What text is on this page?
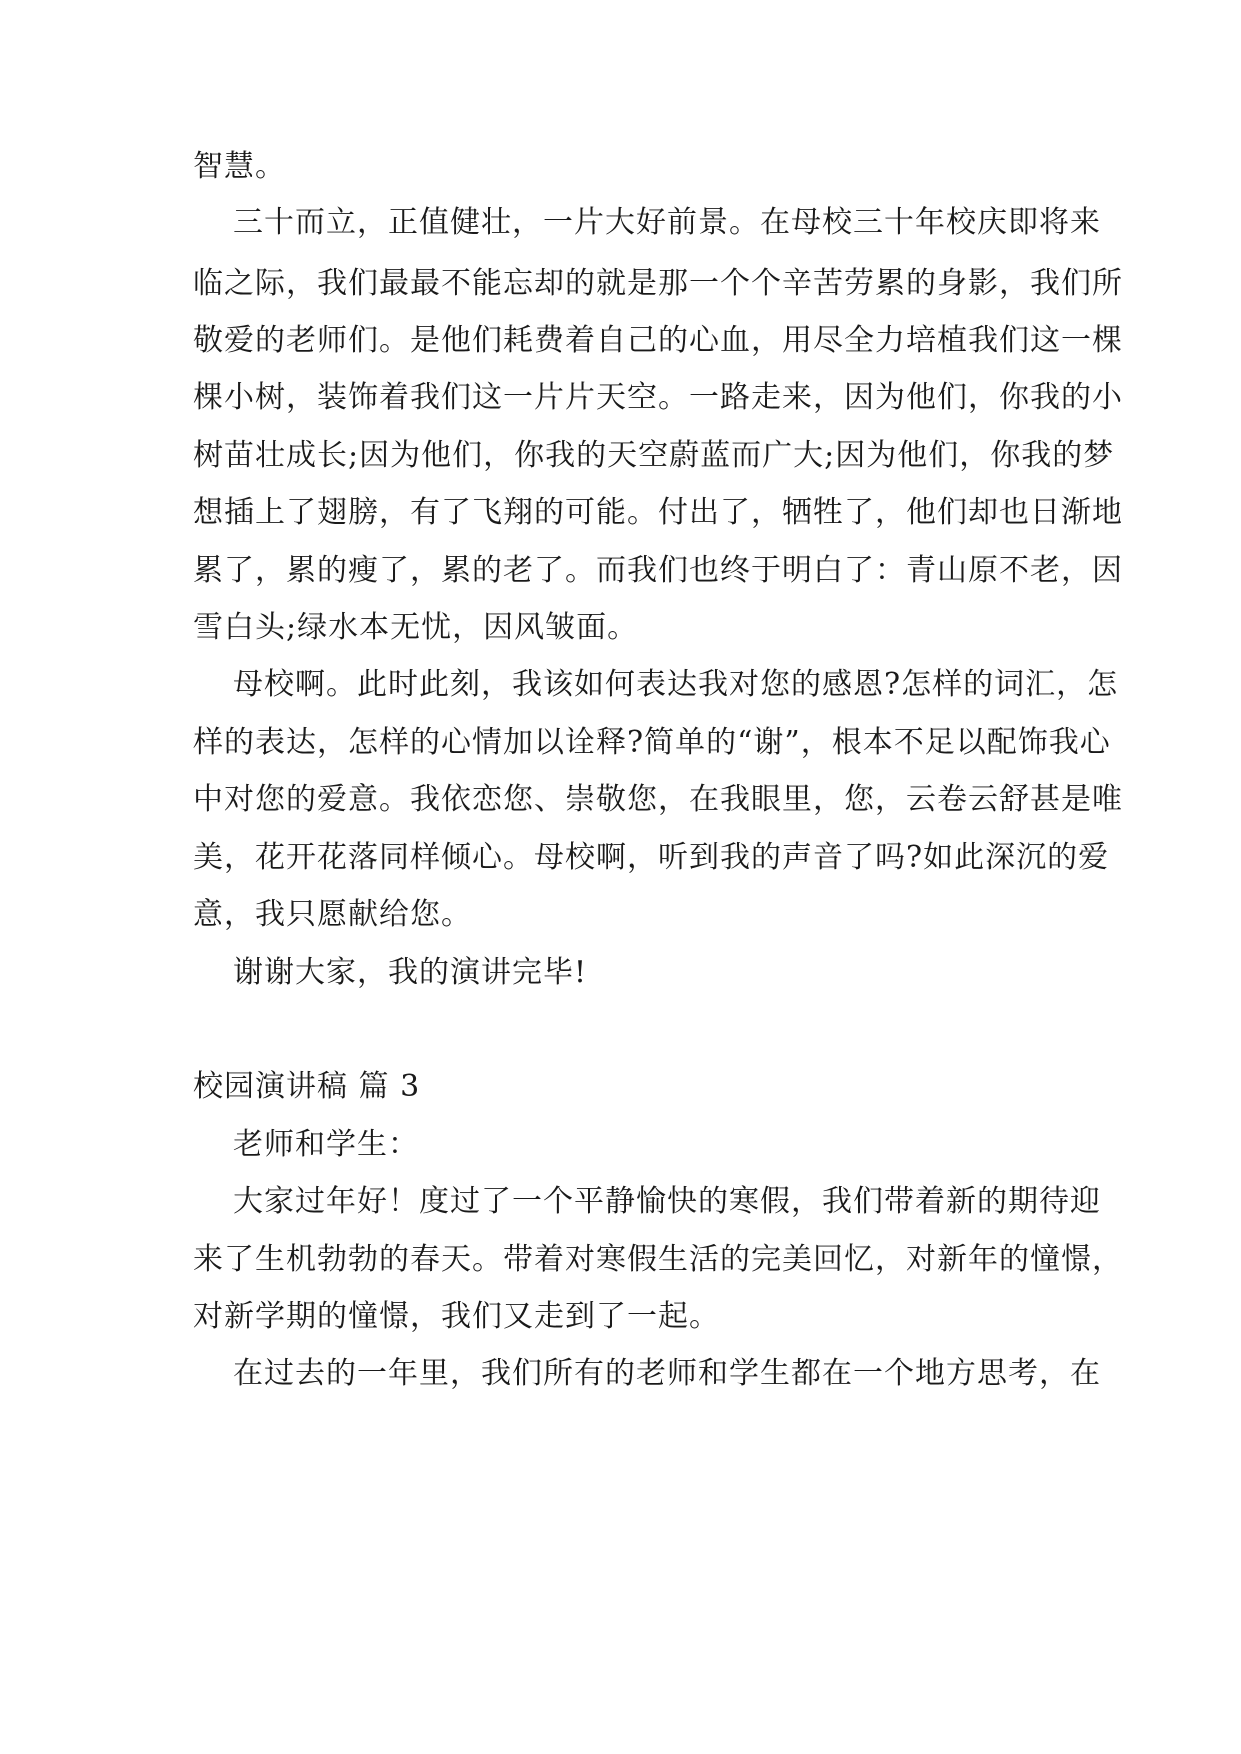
智慧。
三十而立，正值健壮，一片大好前景。在母校三十年校庆即将来
临之际，我们最最不能忘却的就是那一个个辛苦劳累的身影，我们所
敬爱的老师们。是他们耗费着自己的心血，用尽全力培植我们这一棵
棵小树，装饰着我们这一片片天空。一路走来，因为他们，你我的小
树苗壮成长;因为他们，你我的天空蔚蓝而广大;因为他们，你我的梦
想插上了翅膀，有了飞翔的可能。付出了，牺牲了，他们却也日渐地
累了，累的瘦了，累的老了。而我们也终于明白了：青山原不老，因
雪白头;绿水本无忧，因风皱面。
母校啊。此时此刻，我该如何表达我对您的感恩?怎样的词汇，怎
样的表达，怎样的心情加以诠释?简单的“谢”，根本不足以配饰我心
中对您的爱意。我依恋您、崇敬您，在我眼里，您，云卷云舒甚是唯
美，花开花落同样倾心。母校啊，听到我的声音了吗?如此深沉的爱
意，我只愿献给您。
谢谢大家，我的演讲完毕!
校园演讲稿 篇 3
老师和学生：
大家过年好！度过了一个平静愉快的寒假，我们带着新的期待迎
来了生机勃勃的春天。带着对寒假生活的完美回忆，对新年的憧憬，
对新学期的憧憬，我们又走到了一起。
在过去的一年里，我们所有的老师和学生都在一个地方思考，在
